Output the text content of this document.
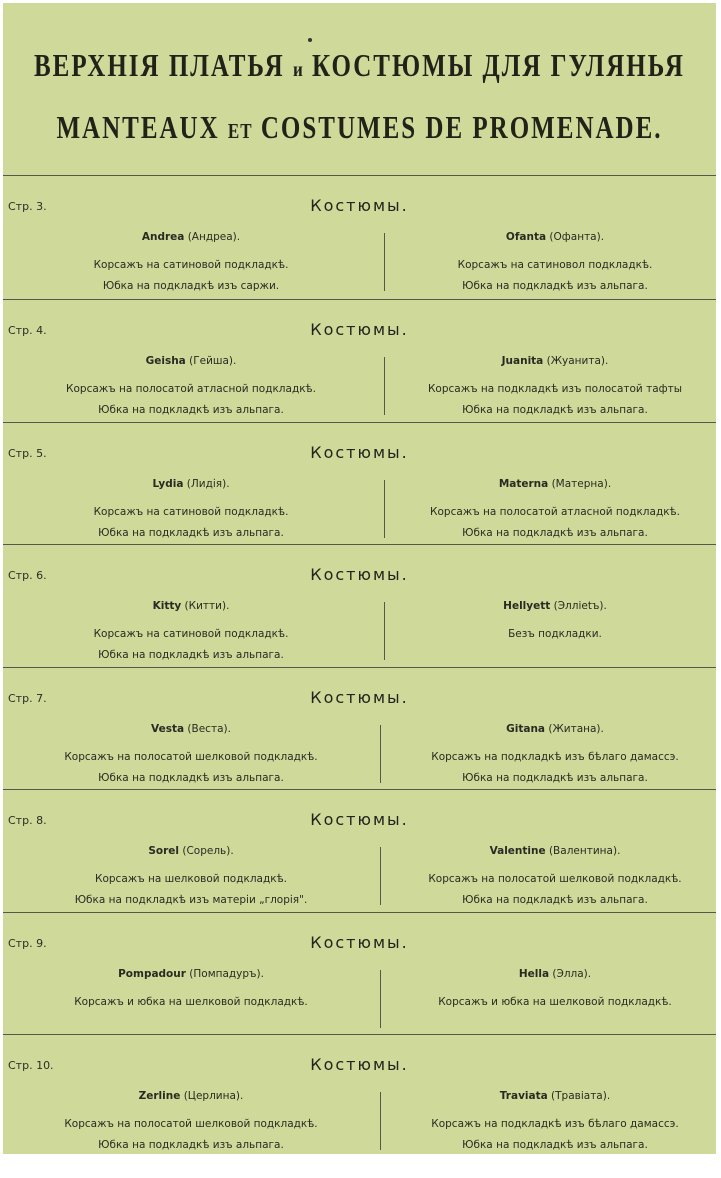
ВЕРХНІЯ ПЛАТЬЯ и КОСТЮМЫ ДЛЯ ГУЛЯНЬЯ
MANTEAUX ET COSTUMES DE PROMENADE.
Стр. 3.	Костюмы.
Andrea (Андреа).
Корсажъ на сатиновой подкладкѣ.
Юбка на подкладкѣ изъ саржи.
Ofanta (Офанта).
Корсажъ на сатиновол подкладкѣ.
Юбка на подкладкѣ изъ альпага.
Стр. 4.	Костюмы.
Geisha (Гейша).
Корсажъ на полосатой атласной подкладкѣ.
Юбка на подкладкѣ изъ альпага.
Juanita (Жуанита).
Корсажъ на подкладкѣ изъ полосатой тафты
Юбка на подкладкѣ изъ альпага.
Стр. 5.	Костюмы.
Lydia (Лидія).
Корсажъ на сатиновой подкладкѣ.
Юбка на подкладкѣ изъ альпага.
Materna (Матерна).
Корсажъ на полосатой атласной подкладкѣ.
Юбка на подкладкѣ изъ альпага.
Стр. 6.	Костюмы.
Kitty (Китти).
Корсажъ на сатиновой подкладкѣ.
Юбка на подкладкѣ изъ альпага.
Hellyett (Эллietъ).
Безъ подкладки.
Стр. 7.	Костюмы.
Vesta (Веста).
Корсажъ на полосатой шелковой подкладкѣ.
Юбка на подкладкѣ изъ альпага.
Gitana (Житана).
Корсажъ на подкладкѣ изъ бѣлаго дамассэ.
Юбка на подкладкѣ изъ альпага.
Стр. 8.	Костюмы.
Sorel (Сорель).
Корсажъ на шелковой подкладкѣ.
Юбка на подкладкѣ изъ матеріи „глорія".
Valentine (Валентина).
Корсажъ на полосатой шелковой подкладкѣ.
Юбка на подкладкѣ изъ альпага.
Стр. 9.	Костюмы.
Pompadour (Помпадуръ).
Корсажъ и юбка на шелковой подкладкѣ.
Hella (Элла).
Корсажъ и юбка на шелковой подкладкѣ.
Стр. 10.	Костюмы.
Zerline (Церлина).
Корсажъ на полосатой шелковой подкладкѣ.
Юбка на подкладкѣ изъ альпага.
Traviata (Травiата).
Корсажъ на подкладкѣ изъ бѣлаго дамассэ.
Юбка на подкладкѣ изъ альпага.
